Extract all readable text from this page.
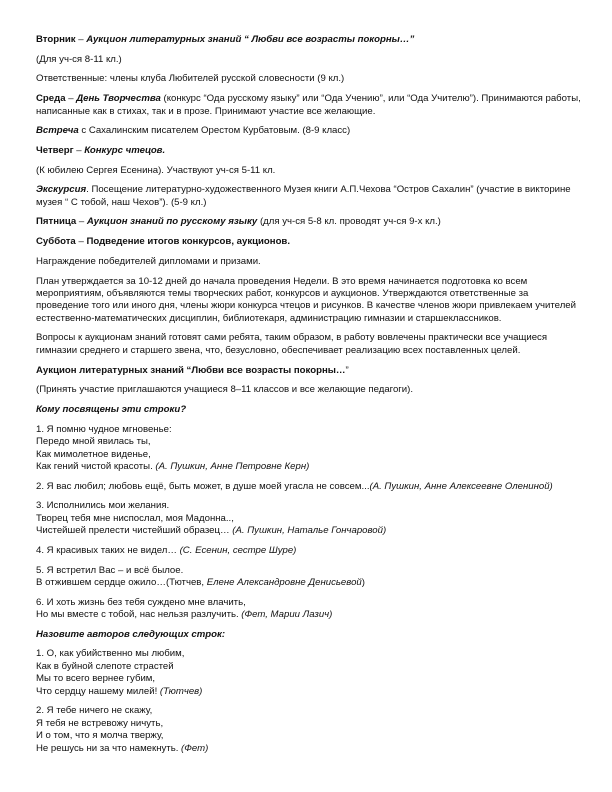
Вторник – Аукцион литературных знаний “ Любви все возрасты покорны…”

(Для уч-ся 8-11 кл.)

Ответственные: члены клуба Любителей русской словесности (9 кл.)

Среда – День Творчества (конкурс “Ода русскому языку” или “Ода Учению”, или “Ода Учителю”). Принимаются работы, написанные как в стихах, так и в прозе. Принимают участие все желающие.

Встреча с Сахалинским писателем Орестом Курбатовым. (8-9 класс)

Четверг – Конкурс чтецов.

(К юбилею Сергея Есенина). Участвуют уч-ся 5-11 кл.

Экскурсия. Посещение литературно-художественного Музея книги А.П.Чехова “Остров Сахалин” (участие в викторине музея “ С тобой, наш Чехов”). (5-9 кл.)

Пятница – Аукцион знаний по русскому языку (для уч-ся 5-8 кл. проводят уч-ся 9-х кл.)

Суббота – Подведение итогов конкурсов, аукционов.

Награждение победителей дипломами и призами.

План утверждается за 10-12 дней до начала проведения Недели. В это время начинается подготовка ко всем мероприятиям, объявляются темы творческих работ, конкурсов и аукционов. Утверждаются ответственные за проведение того или иного дня, члены жюри конкурса чтецов и рисунков. В качестве членов жюри привлекаем учителей естественно-математических дисциплин, библиотекаря, администрацию гимназии и старшеклассников.

Вопросы к аукционам знаний готовят сами ребята, таким образом, в работу вовлечены практически все учащиеся гимназии среднего и старшего звена, что, безусловно, обеспечивает реализацию всех поставленных целей.

Аукцион литературных знаний “Любви все возрасты покорны…”

(Принять участие приглашаются учащиеся 8–11 классов и все желающие педагоги).

Кому посвящены эти строки?

1. Я помню чудное мгновенье:
Передо мной явилась ты,
Как мимолетное виденье,
Как гений чистой красоты. (А. Пушкин, Анне Петровне Керн)

2. Я вас любил; любовь ещё, быть может, в душе моей угасла не совсем...(А. Пушкин, Анне Алексеевне Олениной)

3. Исполнились мои желания.
Творец тебя мне ниспослал, моя Мадонна..,
Чистейшей прелести чистейший образец… (А. Пушкин, Наталье Гончаровой)

4. Я красивых таких не видел… (С. Есенин, сестре Шуре)

5. Я встретил Вас – и всё былое.
В отжившем сердце ожило…(Тютчев, Елене Александровне Денисьевой)

6. И хоть жизнь без тебя суждено мне влачить,
Но мы вместе с тобой, нас нельзя разлучить. (Фет, Марии Лазич)

Назовите авторов следующих строк:

1. О, как убийственно мы любим,
Как в буйной слепоте страстей
Мы то всего вернее губим,
Что сердцу нашему милей! (Тютчев)

2. Я тебе ничего не скажу,
Я тебя не встревожу ничуть,
И о том, что я молча твержу,
Не решусь ни за что намекнуть. (Фет)
